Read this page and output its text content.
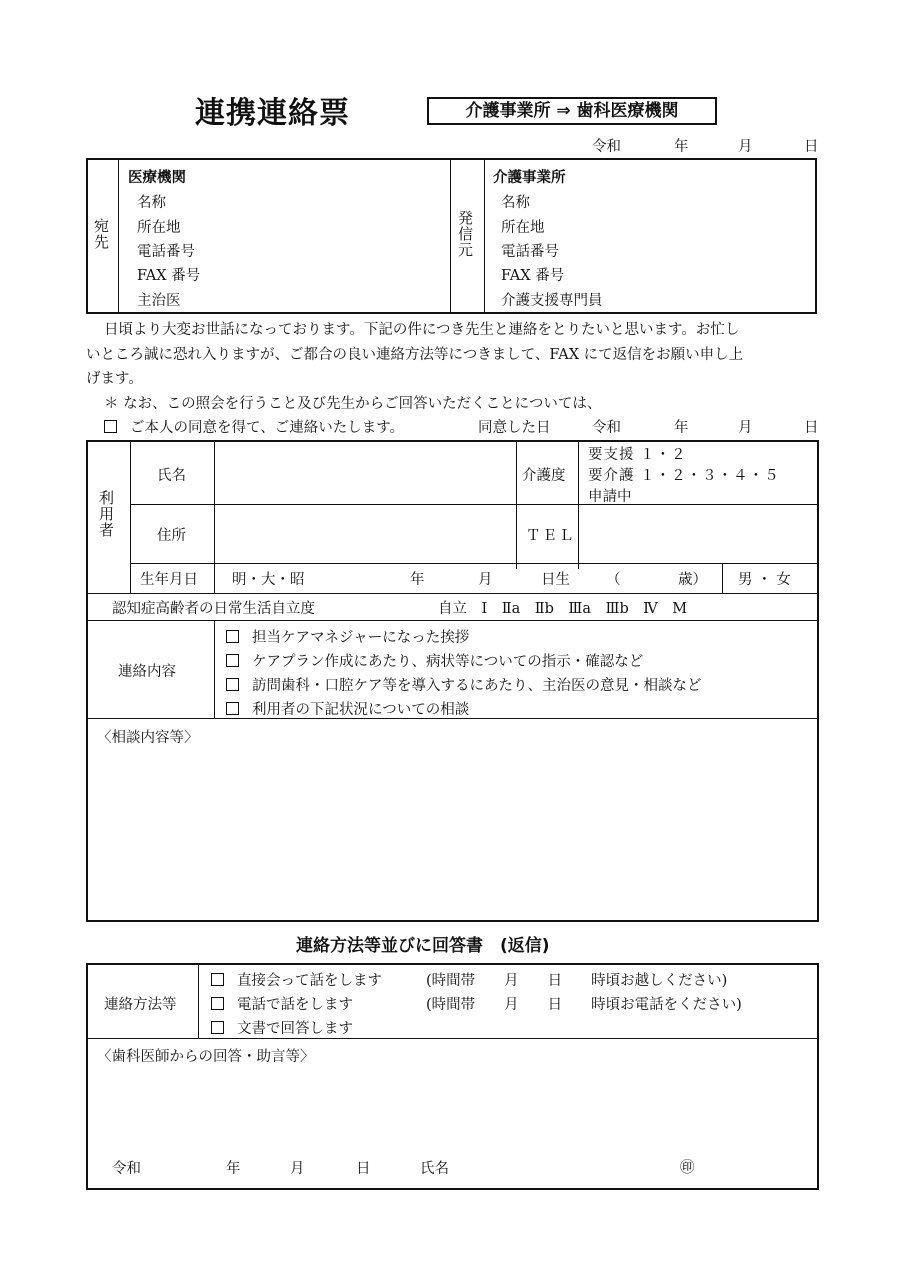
連携連絡票	介護事業所 ⇒ 歯科医療機関
令和	年	月	日
宛先
医療機関
名称
所在地
電話番号
FAX 番号
主治医
発信元
介護事業所
名称
所在地
電話番号
FAX 番号
介護支援専門員
日頃より大変お世話になっております。下記の件につき先生と連絡をとりたいと思います。お忙し
いところ誠に恐れ入りますが、ご都合の良い連絡方法等につきまして、FAX にて返信をお願い申し上
げます。
＊ なお、この照会を行うこと及び先生からご回答いただくことについては、
ご本人の同意を得て、ご連絡いたします。	同意した日	令和	年	月	日
利用者
氏名	介護度
要支援 １・２
要介護 １・２・３・４・５
申請中
住所	ＴＥＬ
生年月日 明・大・昭	年	月	日生 （	歳） 男 ・ 女
認知症高齢者の日常生活自立度	自立　Ⅰ　Ⅱa　Ⅱb　Ⅲa　Ⅲb　Ⅳ　M
連絡内容
担当ケアマネジャーになった挨拶
ケアプラン作成にあたり、病状等についての指示・確認など
訪問歯科・口腔ケア等を導入するにあたり、主治医の意見・相談など
利用者の下記状況についての相談
〈相談内容等〉
連絡方法等並びに回答書　(返信)
連絡方法等
直接会って話をします	(時間帯　　月　　日　　時頃お越しください)
電話で話をします	(時間帯　　月　　日　　時頃お電話をください)
文書で回答します
〈歯科医師からの回答・助言等〉
令和	年	月	日	氏名	㊞
